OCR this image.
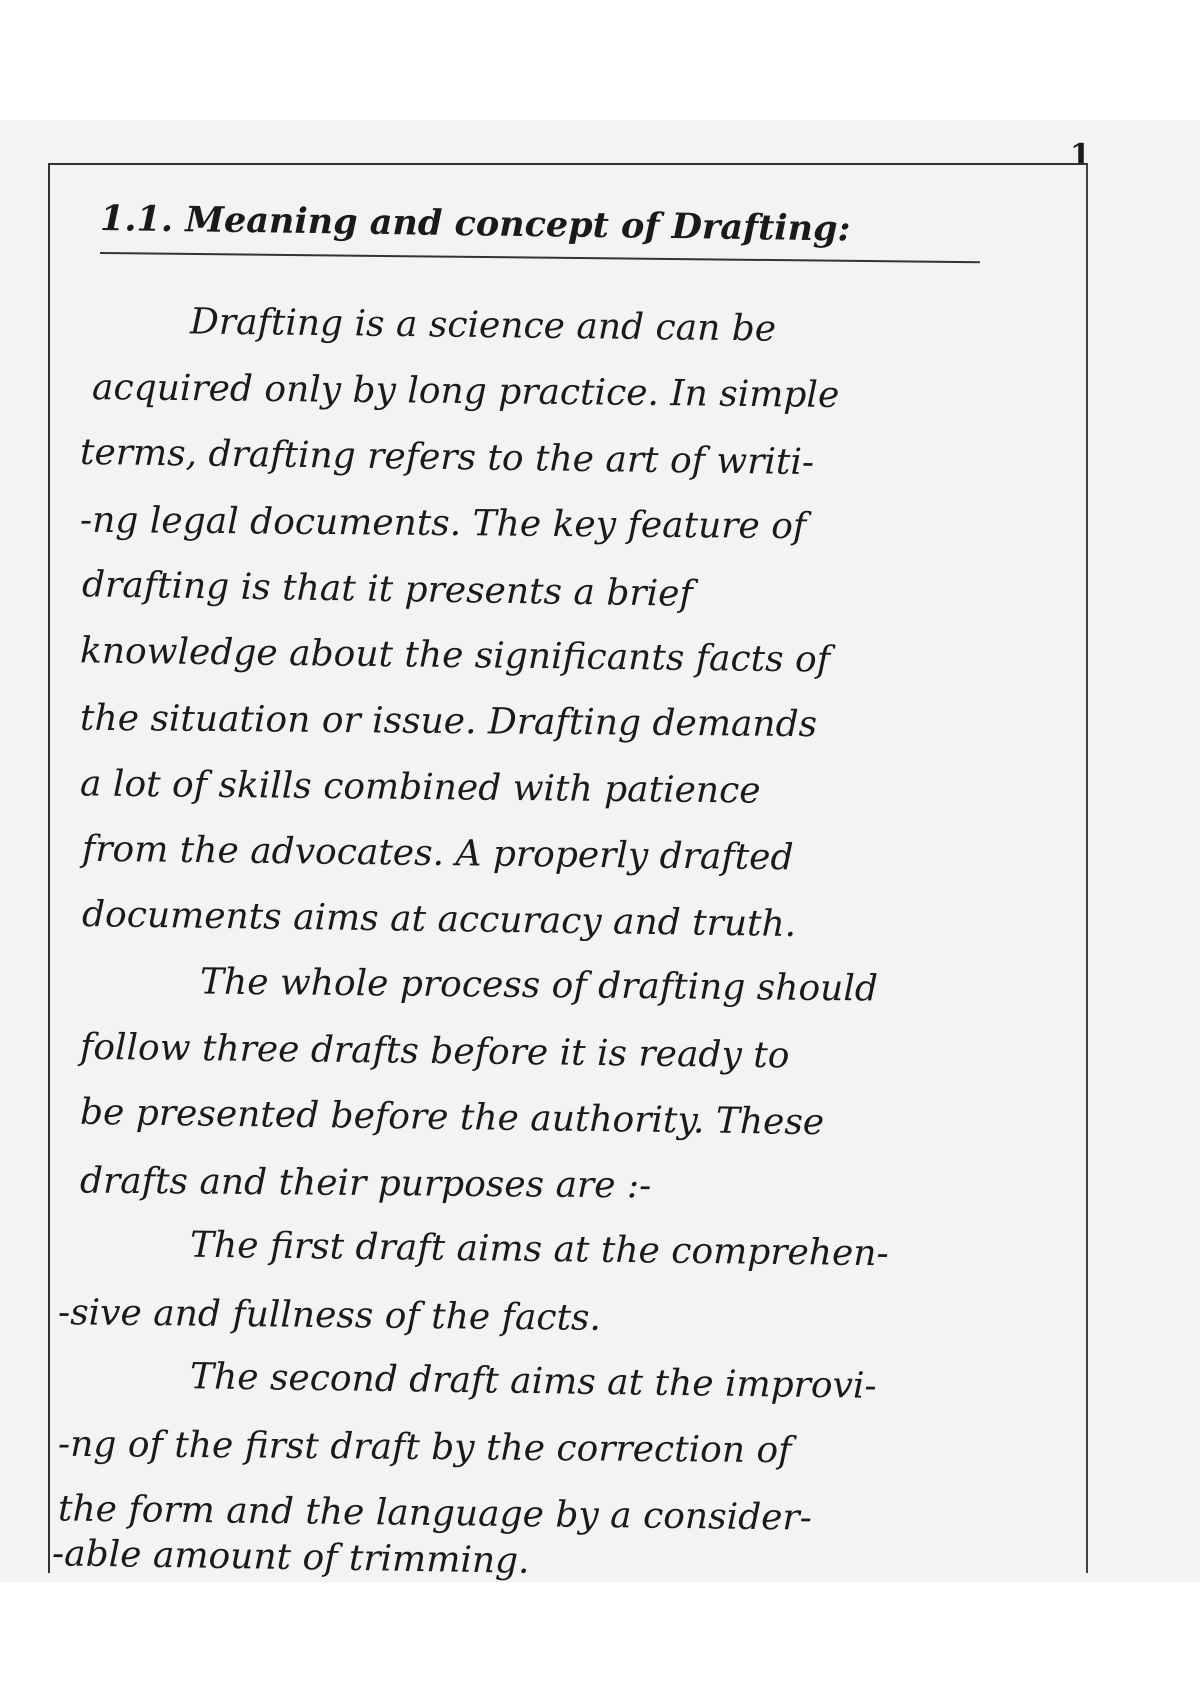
1
1.1. Meaning and concept of Drafting:
Drafting is a science and can be
acquired only by long practice. In simple
terms, drafting refers to the art of writi-
-ng legal documents. The key feature of
drafting is that it presents a brief
knowledge about the significants facts of
the situation or issue. Drafting demands
a lot of skills combined with patience
from the advocates. A properly drafted
documents aims at accuracy and truth.
The whole process of drafting should
follow three drafts before it is ready to
be presented before the authority. These
drafts and their purposes are :-
The first draft aims at the comprehen-
-sive and fullness of the facts.
The second draft aims at the improvi-
-ng of the first draft by the correction of
the form and the language by a consider-
-able amount of trimming.
